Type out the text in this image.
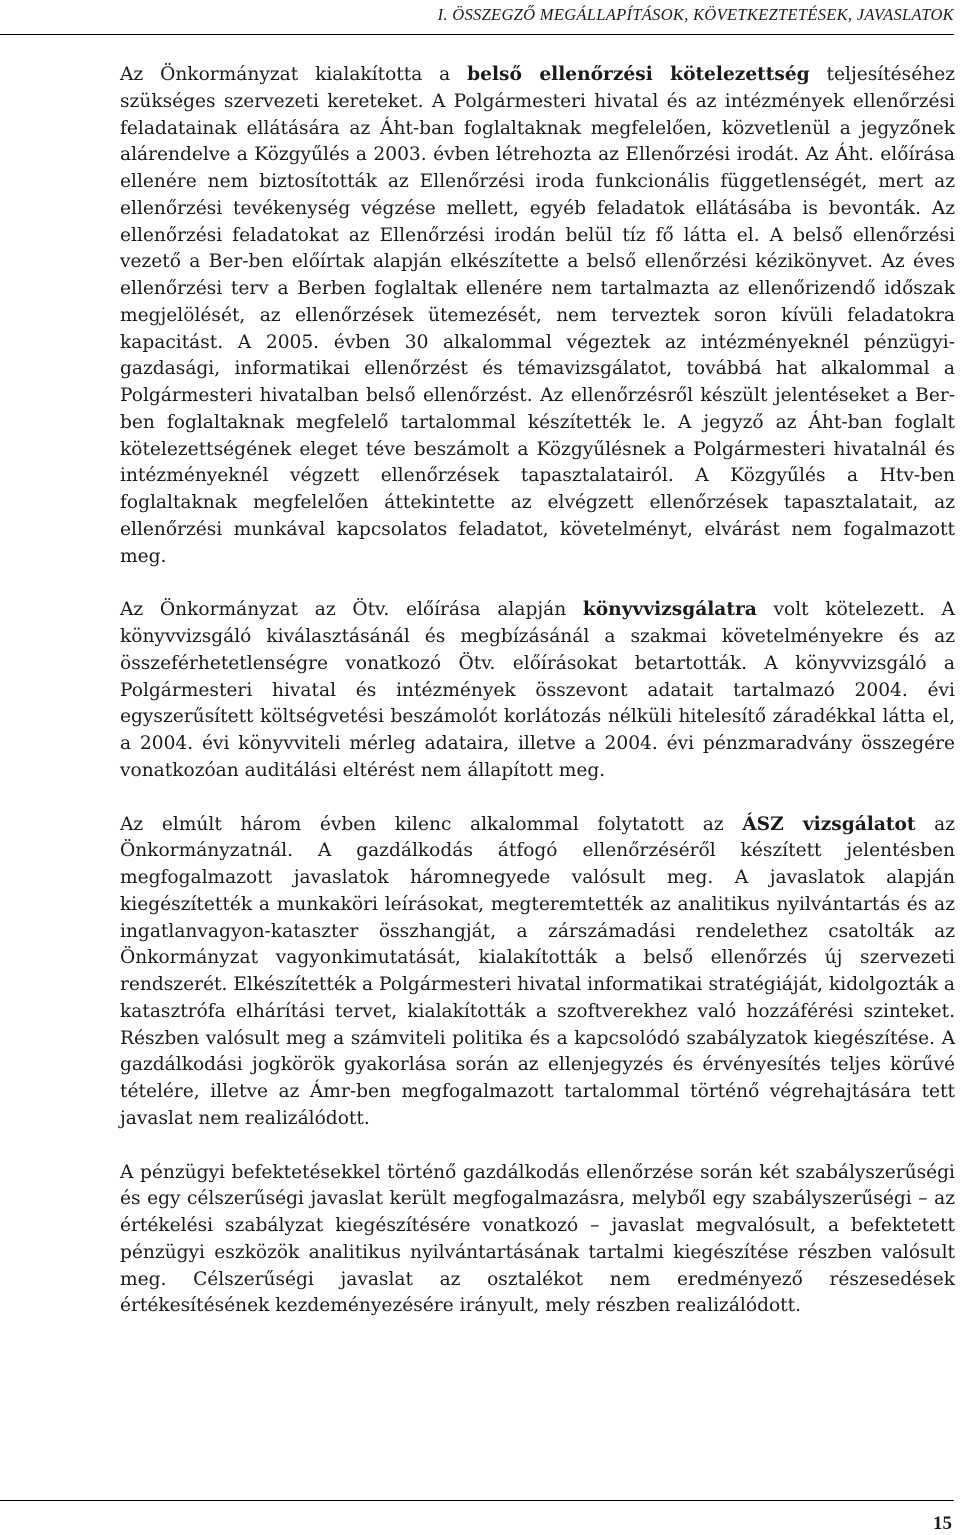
I. ÖSSZEGZŐ MEGÁLLAPÍTÁSOK, KÖVETKEZTETÉSEK, JAVASLATOK

Az Önkormányzat kialakította a belső ellenőrzési kötelezettség teljesítéséhez szükséges szervezeti kereteket. A Polgármesteri hivatal és az intézmények ellenőrzési feladatainak ellátására az Áht-ban foglaltaknak megfelelően, közvetlenül a jegyzőnek alárendelve a Közgyűlés a 2003. évben létrehozta az Ellenőrzési irodát. Az Áht. előírása ellenére nem biztosították az Ellenőrzési iroda funkcionális függetlenségét, mert az ellenőrzési tevékenység végzése mellett, egyéb feladatok ellátásába is bevonták. Az ellenőrzési feladatokat az Ellenőrzési irodán belül tíz fő látta el. A belső ellenőrzési vezető a Ber-ben előírtak alapján elkészítette a belső ellenőrzési kézikönyvet. Az éves ellenőrzési terv a Berben foglaltak ellenére nem tartalmazta az ellenőrizendő időszak megjelölését, az ellenőrzések ütemezését, nem terveztek soron kívüli feladatokra kapacitást. A 2005. évben 30 alkalommal végeztek az intézményeknél pénzügyi-gazdasági, informatikai ellenőrzést és témavizsgálatot, továbbá hat alkalommal a Polgármesteri hivatalban belső ellenőrzést. Az ellenőrzésről készült jelentéseket a Ber-ben foglaltaknak megfelelő tartalommal készítették le. A jegyző az Áht-ban foglalt kötelezettségének eleget téve beszámolt a Közgyűlésnek a Polgármesteri hivatalnál és intézményeknél végzett ellenőrzések tapasztalatairól. A Közgyűlés a Htv-ben foglaltaknak megfelelően áttekintette az elvégzett ellenőrzések tapasztalatait, az ellenőrzési munkával kapcsolatos feladatot, követelményt, elvárást nem fogalmazott meg.

Az Önkormányzat az Ötv. előírása alapján könyvvizsgálatra volt kötelezett. A könyvvizsgáló kiválasztásánál és megbízásánál a szakmai követelményekre és az összeférhetetlenségre vonatkozó Ötv. előírásokat betartották. A könyvvizsgáló a Polgármesteri hivatal és intézmények összevont adatait tartalmazó 2004. évi egyszerűsített költségvetési beszámolót korlátozás nélküli hitelesítő záradékkal látta el, a 2004. évi könyvviteli mérleg adataira, illetve a 2004. évi pénzmaradvány összegére vonatkozóan auditálási eltérést nem állapított meg.

Az elmúlt három évben kilenc alkalommal folytatott az ÁSZ vizsgálatot az Önkormányzatnál. A gazdálkodás átfogó ellenőrzéséről készített jelentésben megfogalmazott javaslatok háromnegyede valósult meg. A javaslatok alapján kiegészítették a munkaköri leírásokat, megteremtették az analitikus nyilvántartás és az ingatlanvagyon-kataszter összhangját, a zárszámadási rendelethez csatolták az Önkormányzat vagyonkimutatását, kialakították a belső ellenőrzés új szervezeti rendszerét. Elkészítették a Polgármesteri hivatal informatikai stratégiáját, kidolgozták a katasztrófa elhárítási tervet, kialakították a szoftverekhez való hozzáférési szinteket. Részben valósult meg a számviteli politika és a kapcsolódó szabályzatok kiegészítése. A gazdálkodási jogkörök gyakorlása során az ellenjegyzés és érvényesítés teljes körűvé tételére, illetve az Ámr-ben megfogalmazott tartalommal történő végrehajtására tett javaslat nem realizálódott.

A pénzügyi befektetésekkel történő gazdálkodás ellenőrzése során két szabályszerűségi és egy célszerűségi javaslat került megfogalmazásra, melyből egy szabályszerűségi – az értékelési szabályzat kiegészítésére vonatkozó – javaslat megvalósult, a befektetett pénzügyi eszközök analitikus nyilvántartásának tartalmi kiegészítése részben valósult meg. Célszerűségi javaslat az osztalékot nem eredményező részesedések értékesítésének kezdeményezésére irányult, mely részben realizálódott.

15
